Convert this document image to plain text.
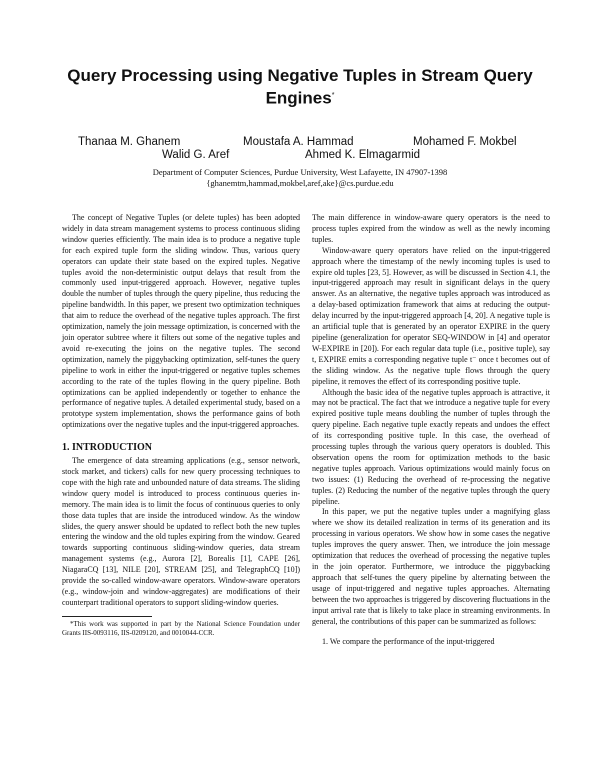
Query Processing using Negative Tuples in Stream Query Engines*
Thanaa M. Ghanem	Moustafa A. Hammad	Mohamed F. Mokbel
Walid G. Aref	Ahmed K. Elmagarmid
Department of Computer Sciences, Purdue University, West Lafayette, IN 47907-1398
{ghanemtm,hammad,mokbel,aref,ake}@cs.purdue.edu

The concept of Negative Tuples (or delete tuples) has been adopted widely in data stream management systems to process continuous sliding window queries efficiently. The main idea is to produce a negative tuple for each expired tuple form the sliding window. Thus, various query operators can update their state based on the expired tuples. Negative tuples avoid the non-deterministic output delays that result from the commonly used input-triggered approach. However, negative tuples double the number of tuples through the query pipeline, thus reducing the pipeline bandwidth. In this paper, we present two optimization techniques that aim to reduce the overhead of the negative tuples approach. The first optimization, namely the join message optimization, is concerned with the join operator subtree where it filters out some of the negative tuples and avoid re-executing the joins on the negative tuples. The second optimization, namely the piggybacking optimization, self-tunes the query pipeline to work in either the input-triggered or negative tuples schemes according to the rate of the tuples flowing in the query pipeline. Both optimizations can be applied independently or together to enhance the performance of negative tuples. A detailed experimental study, based on a prototype system implementation, shows the performance gains of both optimizations over the negative tuples and the input-triggered approaches.

1. INTRODUCTION

The emergence of data streaming applications (e.g., sensor network, stock market, and tickers) calls for new query processing techniques to cope with the high rate and unbounded nature of data streams. The sliding window query model is introduced to process continuous queries in-memory. The main idea is to limit the focus of continuous queries to only those data tuples that are inside the introduced window. As the window slides, the query answer should be updated to reflect both the new tuples entering the window and the old tuples expiring from the window. Geared towards supporting continuous sliding-window queries, data stream management systems (e.g., Aurora [2], Borealis [1], CAPE [26], NiagaraCQ [13], NILE [20], STREAM [25], and TelegraphCQ [10]) provide the so-called window-aware operators. Window-aware operators (e.g., window-join and window-aggregates) are modifications of their counterpart traditional operators to support sliding-window queries.

*This work was supported in part by the National Science Foundation under Grants IIS-0093116, IIS-0209120, and 0010044-CCR.

The main difference in window-aware query operators is the need to process tuples expired from the window as well as the newly incoming tuples.

Window-aware query operators have relied on the input-triggered approach where the timestamp of the newly incoming tuples is used to expire old tuples [23, 5]. However, as will be discussed in Section 4.1, the input-triggered approach may result in significant delays in the query answer. As an alternative, the negative tuples approach was introduced as a delay-based optimization framework that aims at reducing the output-delay incurred by the input-triggered approach [4, 20]. A negative tuple is an artificial tuple that is generated by an operator EXPIRE in the query pipeline (generalization for operator SEQ-WINDOW in [4] and operator W-EXPIRE in [20]). For each regular data tuple (i.e., positive tuple), say t, EXPIRE emits a corresponding negative tuple t⁻ once t becomes out of the sliding window. As the negative tuple flows through the query pipeline, it removes the effect of its corresponding positive tuple.

Although the basic idea of the negative tuples approach is attractive, it may not be practical. The fact that we introduce a negative tuple for every expired positive tuple means doubling the number of tuples through the query pipeline. Each negative tuple exactly repeats and undoes the effect of its corresponding positive tuple. In this case, the overhead of processing tuples through the various query operators is doubled. This observation opens the room for optimization methods to the basic negative tuples approach. Various optimizations would mainly focus on two issues: (1) Reducing the overhead of re-processing the negative tuples. (2) Reducing the number of the negative tuples through the query pipeline.

In this paper, we put the negative tuples under a magnifying glass where we show its detailed realization in terms of its generation and its processing in various operators. We show how in some cases the negative tuples improves the query answer. Then, we introduce the join message optimization that reduces the overhead of processing the negative tuples in the join operator. Furthermore, we introduce the piggybacking approach that self-tunes the query pipeline by alternating between the usage of input-triggered and negative tuples approaches. Alternating between the two approaches is triggered by discovering fluctuations in the input arrival rate that is likely to take place in streaming environments. In general, the contributions of this paper can be summarized as follows:

1. We compare the performance of the input-triggered
